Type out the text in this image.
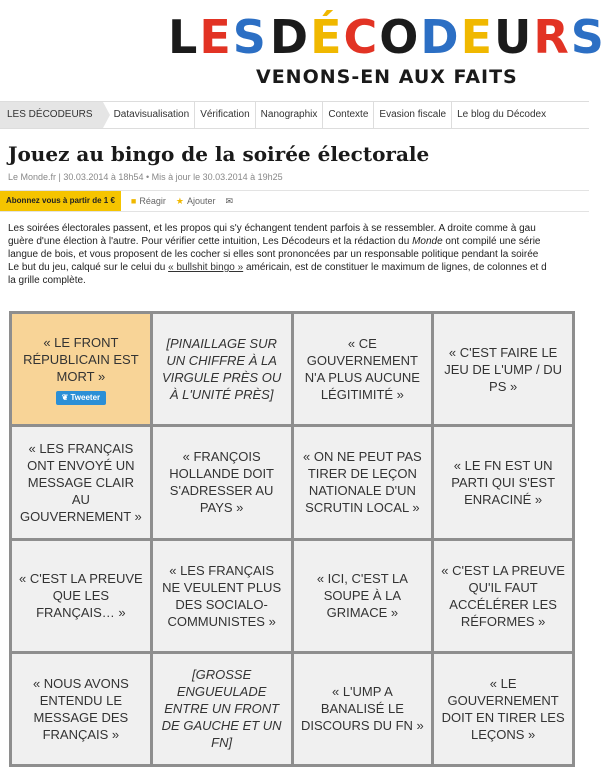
L E S D É C O D E U R S
VENONS-EN AUX FAITS
LES DÉCODEURS	Datavisualisation	Vérification	Nanographix	Contexte	Evasion fiscale	Le blog du Décodex
Jouez au bingo de la soirée électorale
Le Monde.fr | 30.03.2014 à 18h54 • Mis à jour le 30.03.2014 à 19h25
Abonnez vous à partir de 1 €	■ Réagir ★ Ajouter ✉

Les soirées électorales passent, et les propos qui s'y échangent tendent parfois à se ressembler. A droite comme à gau

guère d'une élection à l'autre. Pour vérifier cette intuition, Les Décodeurs et la rédaction du Monde ont compilé une série

langue de bois, et vous proposent de les cocher si elles sont prononcées par un responsable politique pendant la soirée

Le but du jeu, calqué sur le celui du « bullshit bingo » américain, est de constituer le maximum de lignes, de colonnes et d

la grille complète.

« LE FRONT RÉPUBLICAIN EST MORT »
❦ Tweeter
[PINAILLAGE SUR UN CHIFFRE À LA VIRGULE PRÈS OU À L'UNITÉ PRÈS]
« CE GOUVERNEMENT N'A PLUS AUCUNE LÉGITIMITÉ »
« C'EST FAIRE LE JEU DE L'UMP / DU PS »
« LES FRANÇAIS ONT ENVOYÉ UN MESSAGE CLAIR AU GOUVERNEMENT »
« FRANÇOIS HOLLANDE DOIT S'ADRESSER AU PAYS »
« ON NE PEUT PAS TIRER DE LEÇON NATIONALE D'UN SCRUTIN LOCAL »
« LE FN EST UN PARTI QUI S'EST ENRACINÉ »
« C'EST LA PREUVE QUE LES FRANÇAIS… »
« LES FRANÇAIS NE VEULENT PLUS DES SOCIALO-COMMUNISTES »
« ICI, C'EST LA SOUPE À LA GRIMACE »
« C'EST LA PREUVE QU'IL FAUT ACCÉLÉRER LES RÉFORMES »
« NOUS AVONS ENTENDU LE MESSAGE DES FRANÇAIS »
[GROSSE ENGUEULADE ENTRE UN FRONT DE GAUCHE ET UN FN]
« L'UMP A BANALISÉ LE DISCOURS DU FN »
« LE GOUVERNEMENT DOIT EN TIRER LES LEÇONS »
